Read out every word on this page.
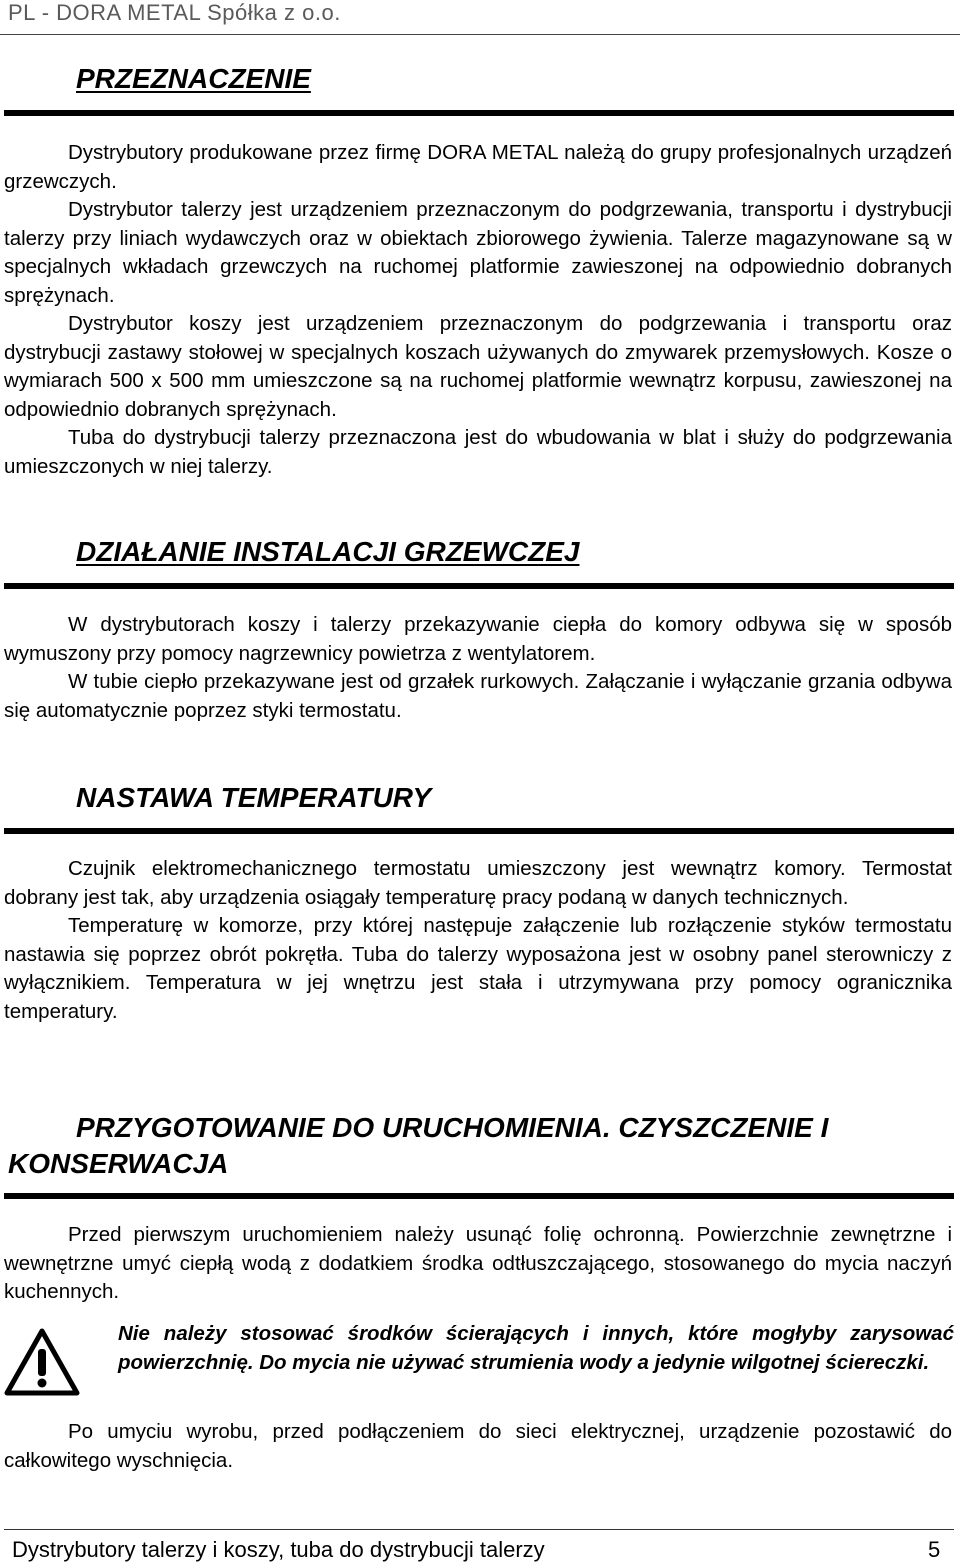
PL - DORA METAL Spółka z o.o.
PRZEZNACZENIE

Dystrybutory produkowane przez firmę DORA METAL należą do grupy profesjonalnych urządzeń grzewczych.

Dystrybutor talerzy jest urządzeniem przeznaczonym do podgrzewania, transportu i dystrybucji talerzy przy liniach wydawczych oraz w obiektach zbiorowego żywienia. Talerze magazynowane są w specjalnych wkładach grzewczych na ruchomej platformie zawieszonej na odpowiednio dobranych sprężynach.

Dystrybutor koszy jest urządzeniem przeznaczonym do podgrzewania i transportu oraz dystrybucji zastawy stołowej w specjalnych koszach używanych do zmywarek przemysłowych. Kosze o wymiarach 500 x 500 mm umieszczone są na ruchomej platformie wewnątrz korpusu, zawieszonej na odpowiednio dobranych sprężynach.

Tuba do dystrybucji talerzy przeznaczona jest do wbudowania w blat i służy do podgrzewania umieszczonych w niej talerzy.

DZIAŁANIE INSTALACJI GRZEWCZEJ

W dystrybutorach koszy i talerzy przekazywanie ciepła do komory odbywa się w sposób wymuszony przy pomocy nagrzewnicy powietrza z wentylatorem.

W tubie ciepło przekazywane jest od grzałek rurkowych. Załączanie i wyłączanie grzania odbywa się automatycznie poprzez styki termostatu.

NASTAWA TEMPERATURY

Czujnik elektromechanicznego termostatu umieszczony jest wewnątrz komory. Termostat dobrany jest tak, aby urządzenia osiągały temperaturę pracy podaną w danych technicznych.

Temperaturę w komorze, przy której następuje załączenie lub rozłączenie styków termostatu nastawia się poprzez obrót pokrętła. Tuba do talerzy wyposażona jest w osobny panel sterowniczy z wyłącznikiem. Temperatura w jej wnętrzu jest stała i utrzymywana przy pomocy ogranicznika temperatury.

PRZYGOTOWANIE DO URUCHOMIENIA. CZYSZCZENIE I
KONSERWACJA

Przed pierwszym uruchomieniem należy usunąć folię ochronną. Powierzchnie zewnętrzne i wewnętrzne umyć ciepłą wodą z dodatkiem środka odtłuszczającego, stosowanego do mycia naczyń kuchennych.

Nie należy stosować środków ścierających i innych, które mogłyby zarysować powierzchnię. Do mycia nie używać strumienia wody a jedynie wilgotnej ściereczki.

Po umyciu wyrobu, przed podłączeniem do sieci elektrycznej, urządzenie pozostawić do całkowitego wyschnięcia.

Dystrybutory talerzy i koszy, tuba do dystrybucji talerzy	5
